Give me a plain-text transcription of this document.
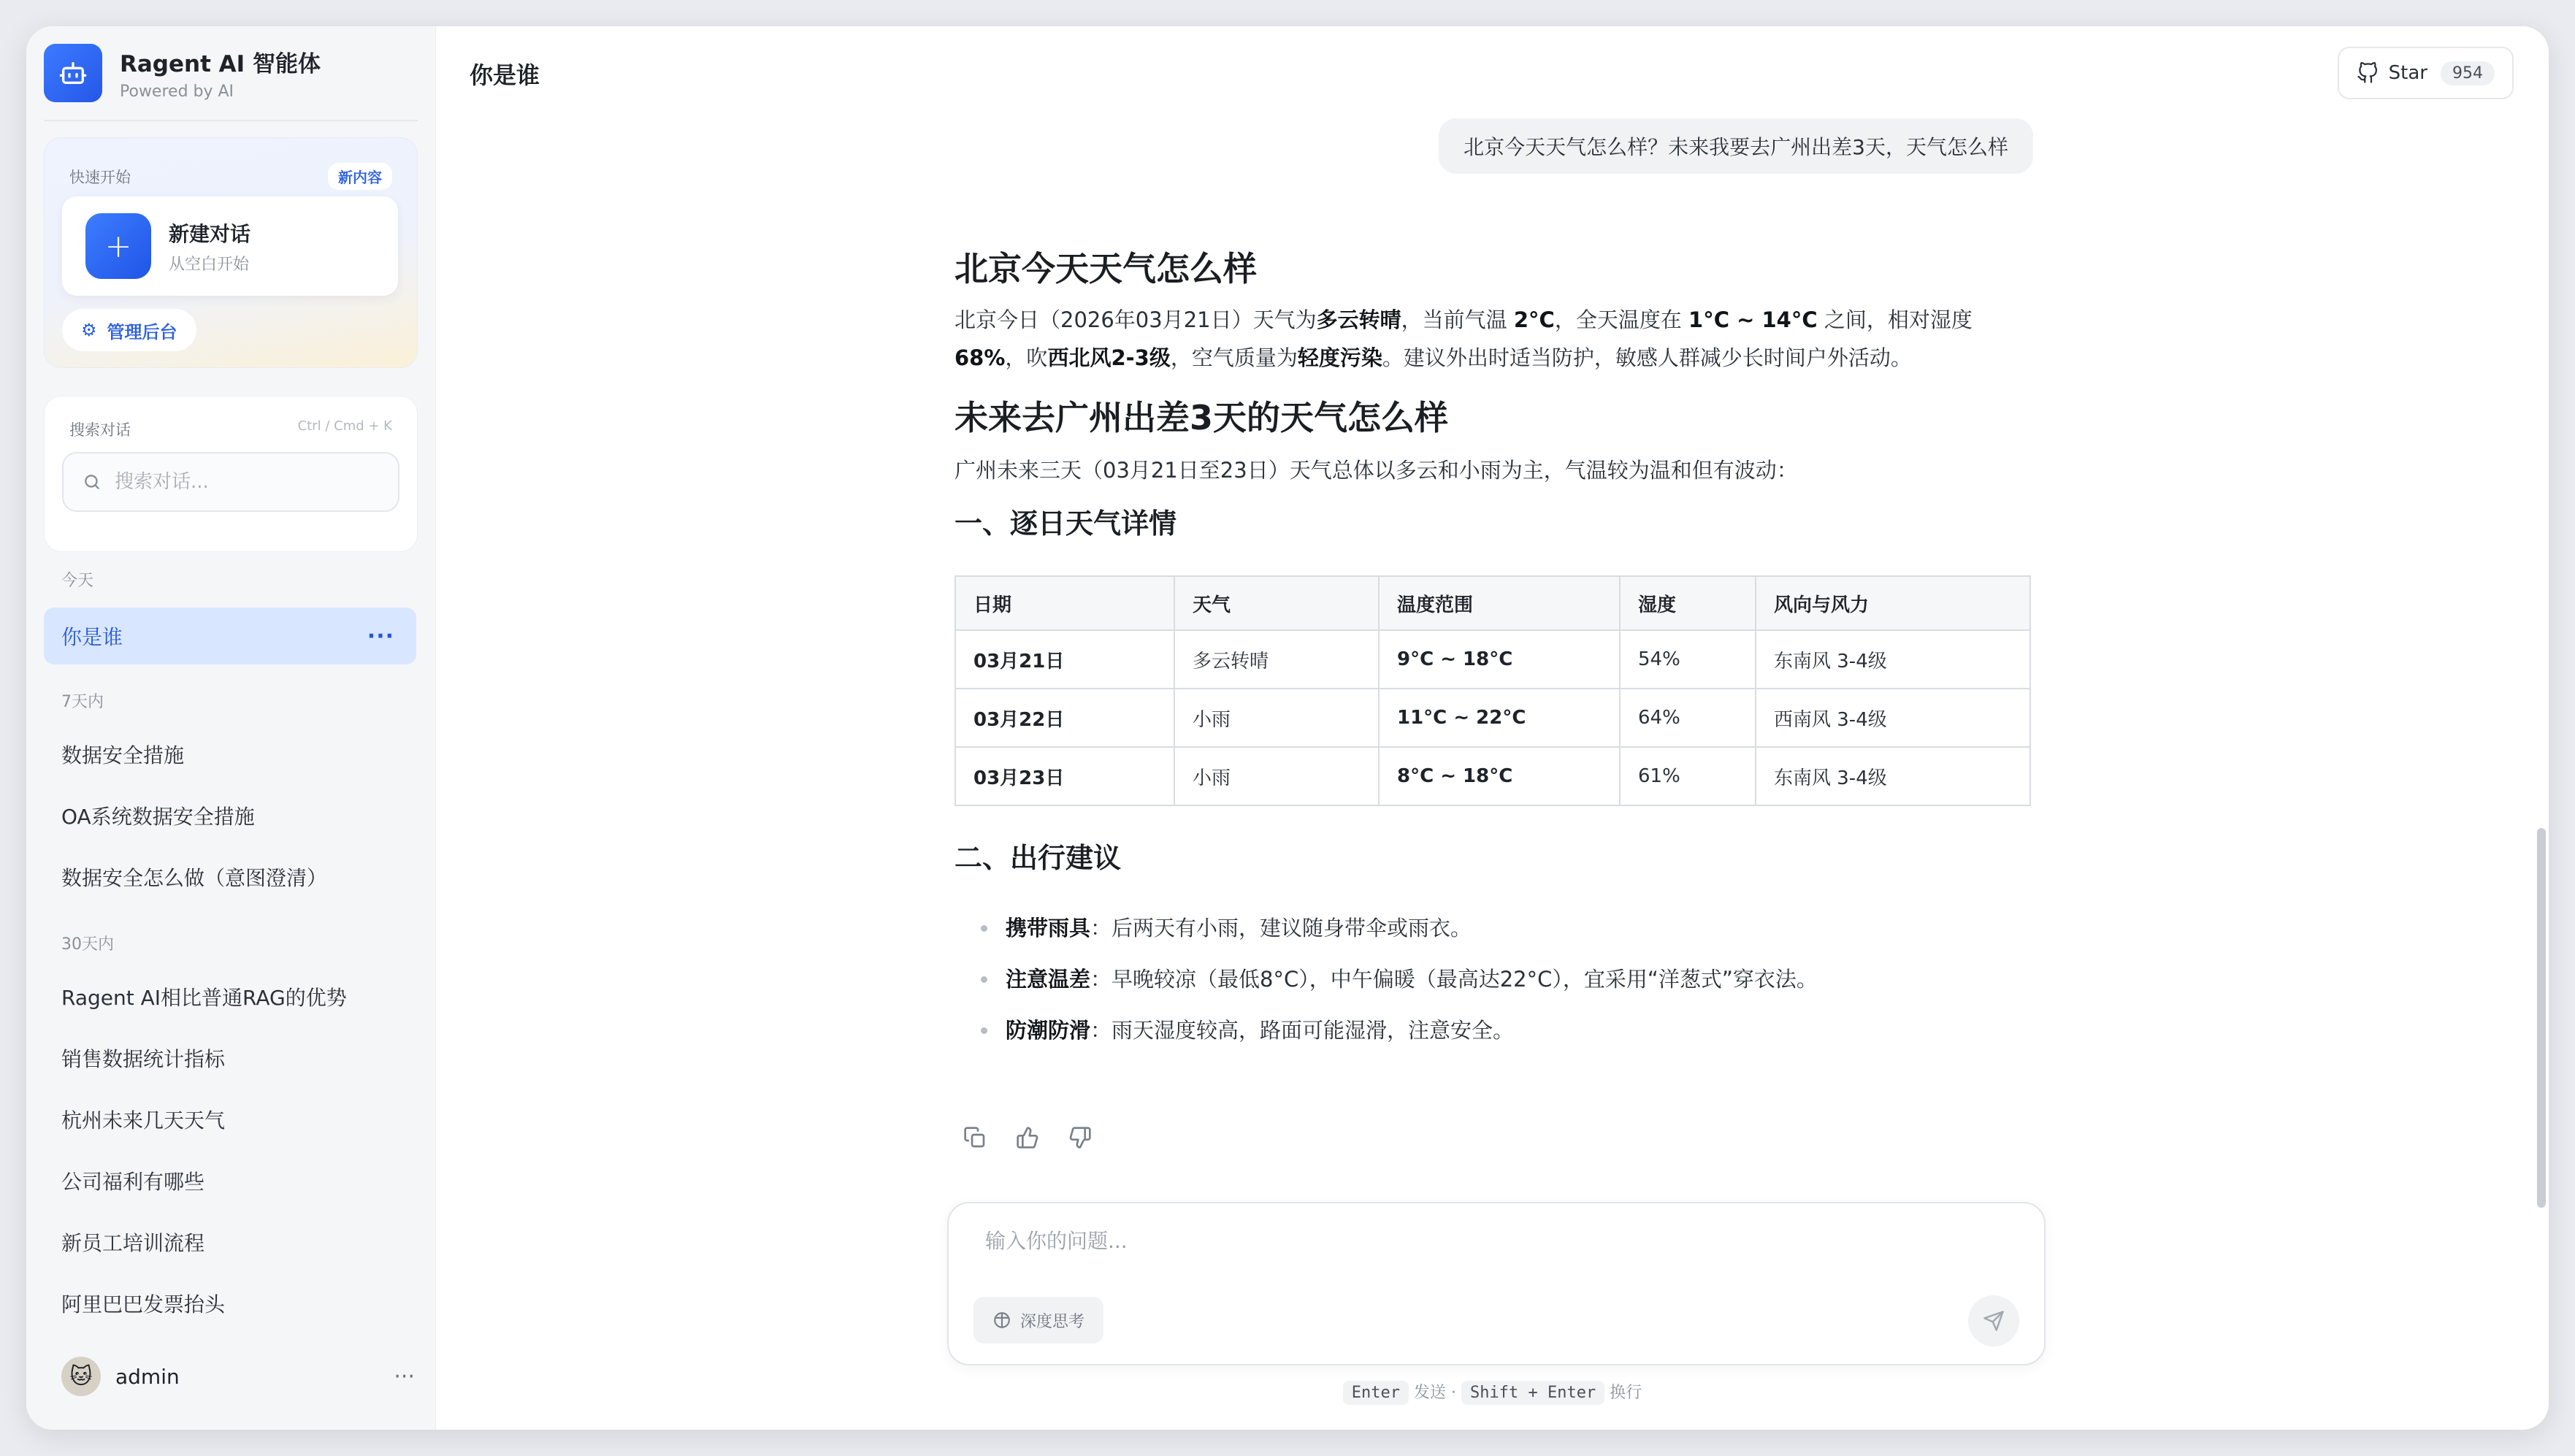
Ragent AI 智能体
Powered by AI
快速开始	新内容
+	新建对话
从空白开始
⚙ 管理后台
搜索对话	Ctrl / Cmd + K
搜索对话...
今天
你是谁	···
7天内
数据安全措施
OA系统数据安全措施
数据安全怎么做（意图澄清）
30天内
Ragent AI相比普通RAG的优势
销售数据统计指标
杭州未来几天天气
公司福利有哪些
新员工培训流程
阿里巴巴发票抬头
🐱	admin	···
你是谁	Star	954
北京今天天气怎么样？未来我要去广州出差3天，天气怎么样
北京今天天气怎么样

北京今日（2026年03月21日）天气为多云转晴，当前气温 2°C，全天温度在 1°C ~ 14°C 之间，相对湿度 68%，吹西北风2-3级，空气质量为轻度污染。建议外出时适当防护，敏感人群减少长时间户外活动。

未来去广州出差3天的天气怎么样

广州未来三天（03月21日至23日）天气总体以多云和小雨为主，气温较为温和但有波动：

一、逐日天气详情
日期	天气	温度范围	湿度	风向与风力
03月21日	多云转晴	9°C ~ 18°C	54%	东南风 3-4级
03月22日	小雨	11°C ~ 22°C	64%	西南风 3-4级
03月23日	小雨	8°C ~ 18°C	61%	东南风 3-4级
二、出行建议
携带雨具：后两天有小雨，建议随身带伞或雨衣。
注意温差：早晚较凉（最低8°C），中午偏暖（最高达22°C），宜采用“洋葱式”穿衣法。
防潮防滑：雨天湿度较高，路面可能湿滑，注意安全。
输入你的问题...
深度思考
Enter 发送 · Shift + Enter 换行
